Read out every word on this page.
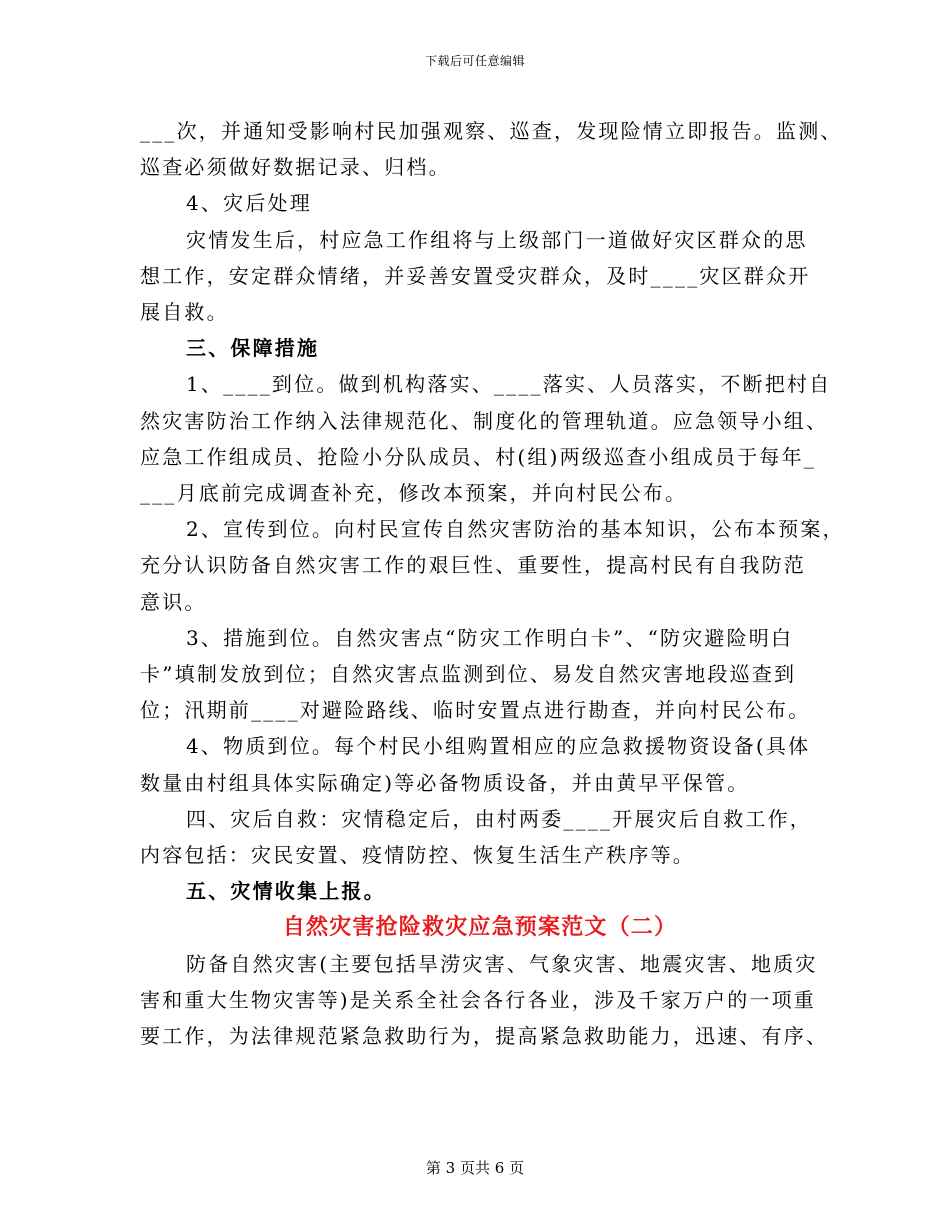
下载后可任意编辑

___次，并通知受影响村民加强观察、巡查，发现险情立即报告。监测、

巡查必须做好数据记录、归档。

4、灾后处理

灾情发生后，村应急工作组将与上级部门一道做好灾区群众的思

想工作，安定群众情绪，并妥善安置受灾群众，及时____灾区群众开

展自救。

三、保障措施

1、____到位。做到机构落实、____落实、人员落实，不断把村自

然灾害防治工作纳入法律规范化、制度化的管理轨道。应急领导小组、

应急工作组成员、抢险小分队成员、村(组)两级巡查小组成员于每年_

___月底前完成调查补充，修改本预案，并向村民公布。

2、宣传到位。向村民宣传自然灾害防治的基本知识，公布本预案，

充分认识防备自然灾害工作的艰巨性、重要性，提高村民有自我防范

意识。

3、措施到位。自然灾害点“防灾工作明白卡”、“防灾避险明白

卡”填制发放到位；自然灾害点监测到位、易发自然灾害地段巡查到

位；汛期前____对避险路线、临时安置点进行勘查，并向村民公布。

4、物质到位。每个村民小组购置相应的应急救援物资设备(具体

数量由村组具体实际确定)等必备物质设备，并由黄早平保管。

四、灾后自救：灾情稳定后，由村两委____开展灾后自救工作，

内容包括：灾民安置、疫情防控、恢复生活生产秩序等。

五、灾情收集上报。

自然灾害抢险救灾应急预案范文（二）

防备自然灾害(主要包括旱涝灾害、气象灾害、地震灾害、地质灾

害和重大生物灾害等)是关系全社会各行各业，涉及千家万户的一项重

要工作，为法律规范紧急救助行为，提高紧急救助能力，迅速、有序、

第 3 页共 6 页
